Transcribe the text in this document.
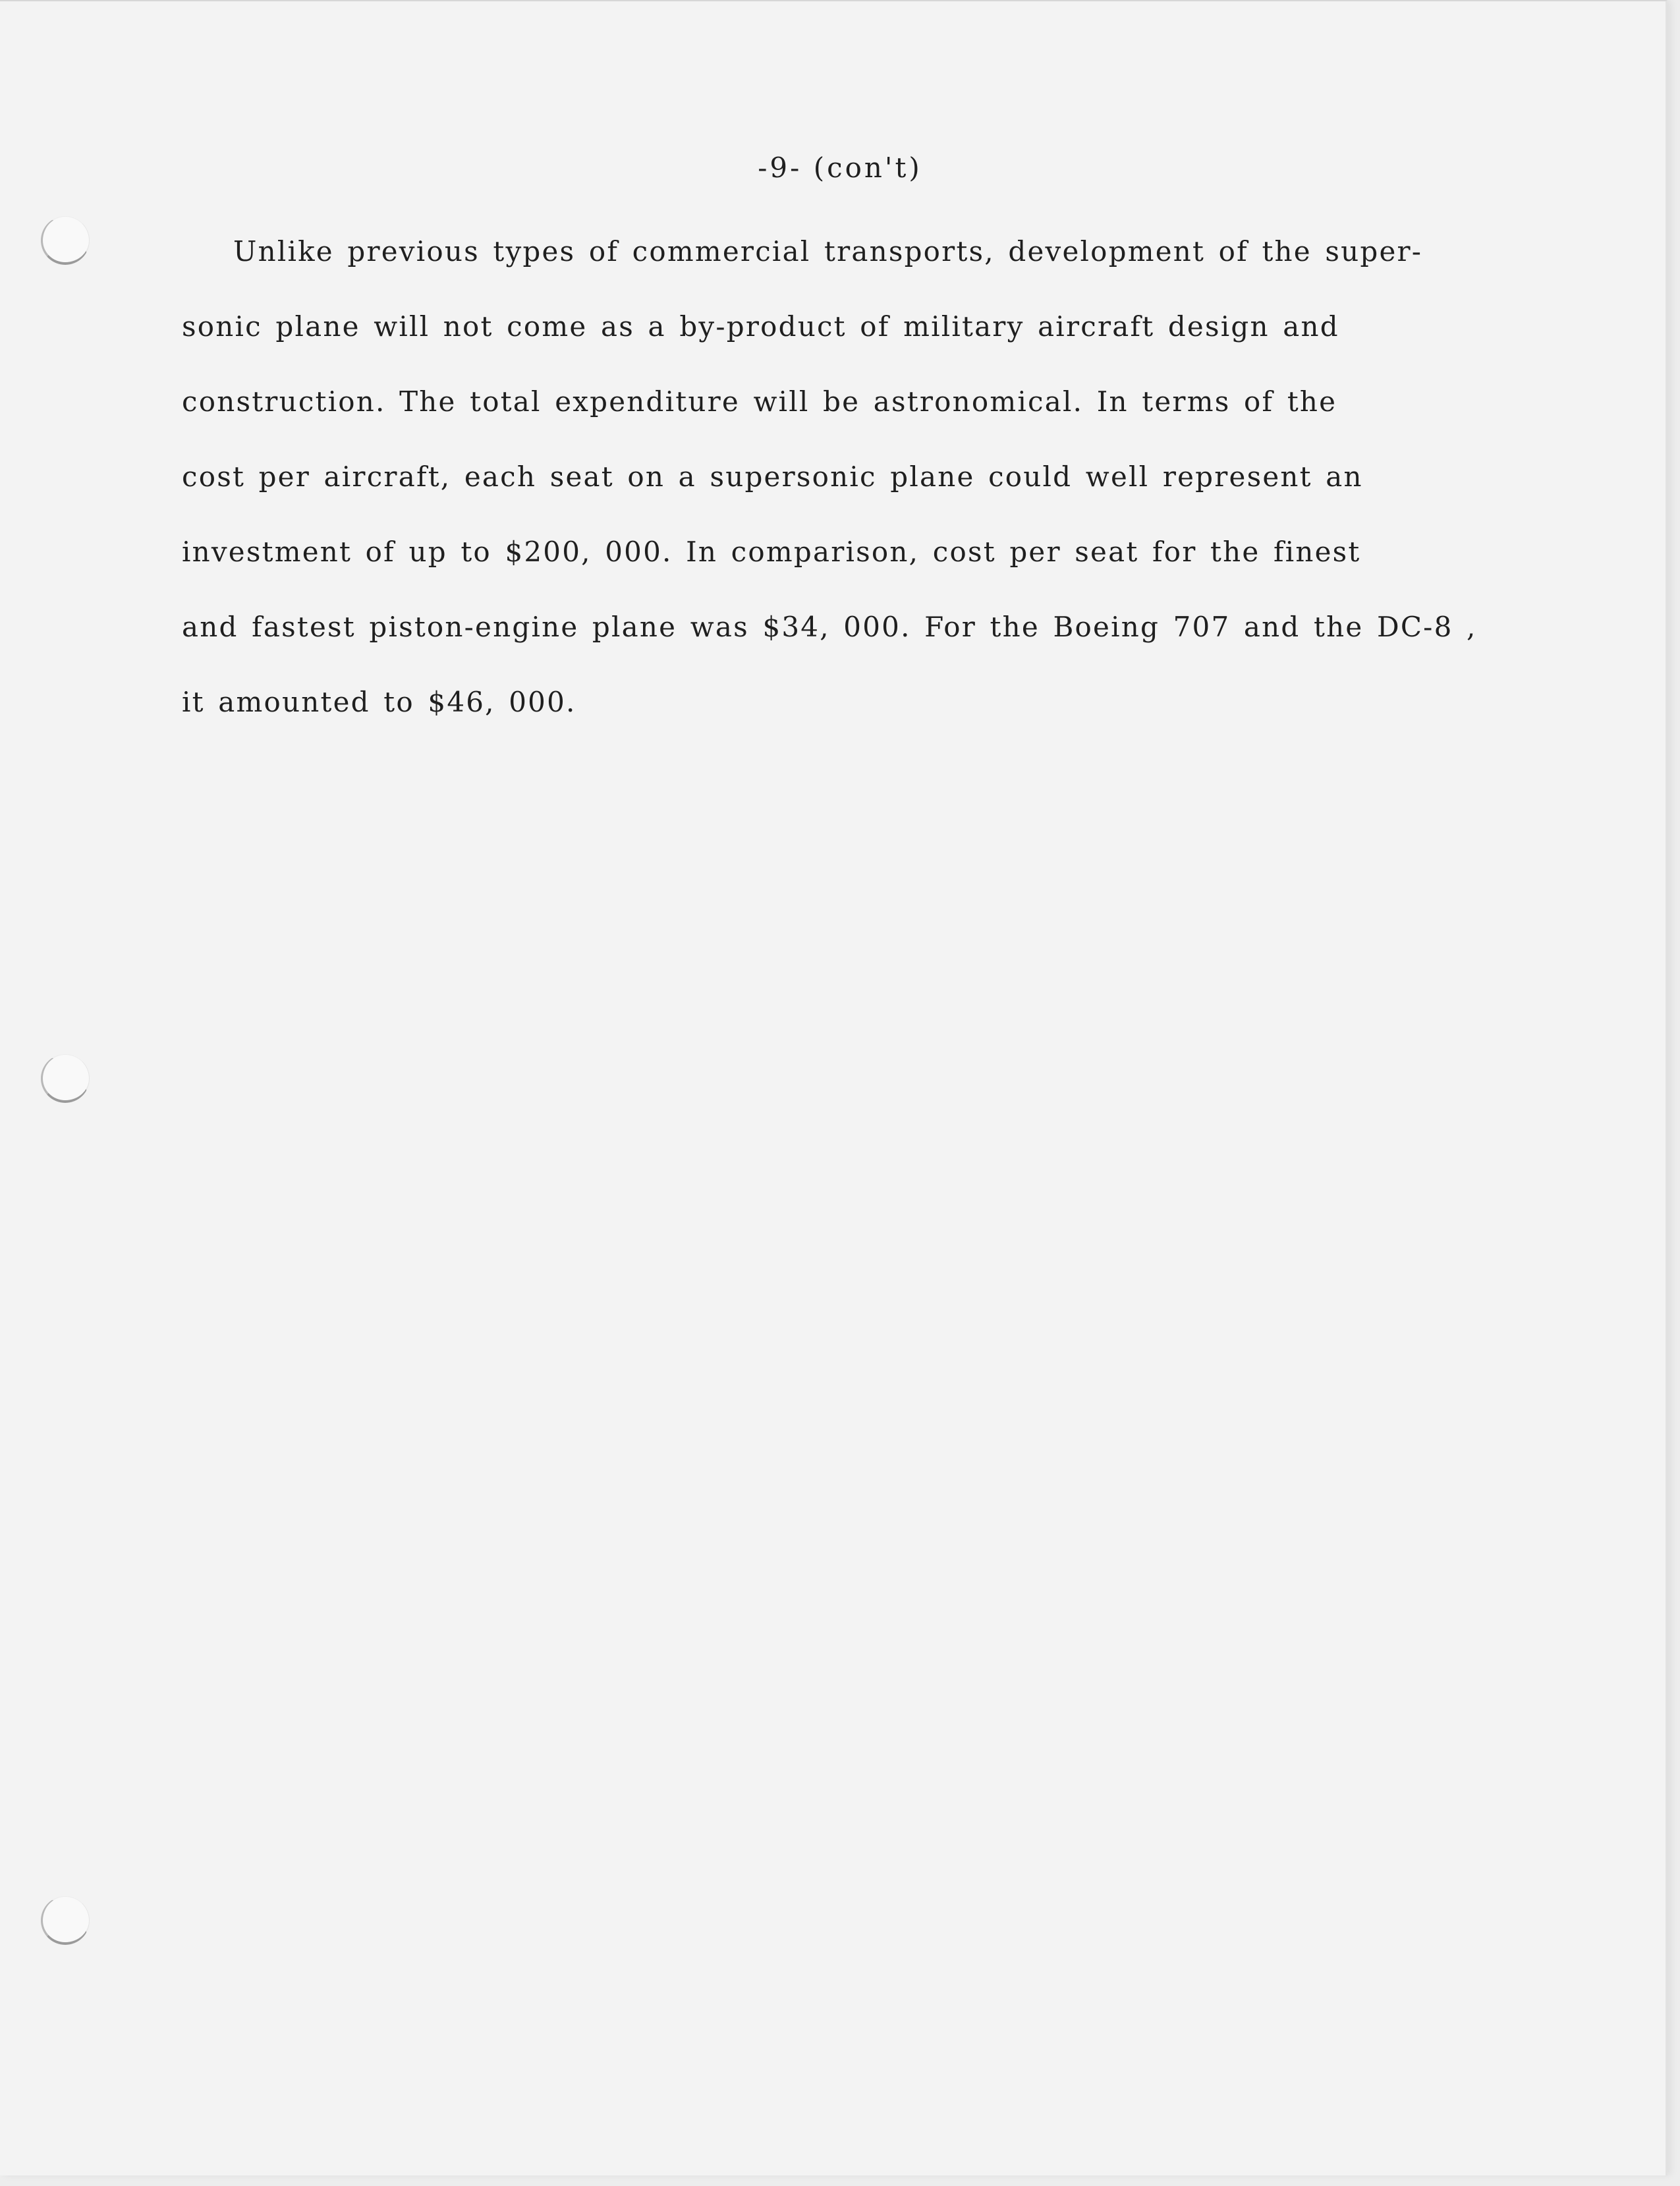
-9- (con't)
Unlike previous types of commercial transports, development of the super-
sonic plane will not come as a by-product of military aircraft design and
construction. The total expenditure will be astronomical. In terms of the
cost per aircraft, each seat on a supersonic plane could well represent an
investment of up to $200, 000. In comparison, cost per seat for the finest
and fastest piston-engine plane was $34, 000. For the Boeing 707 and the DC-8 ,
it amounted to $46, 000.
